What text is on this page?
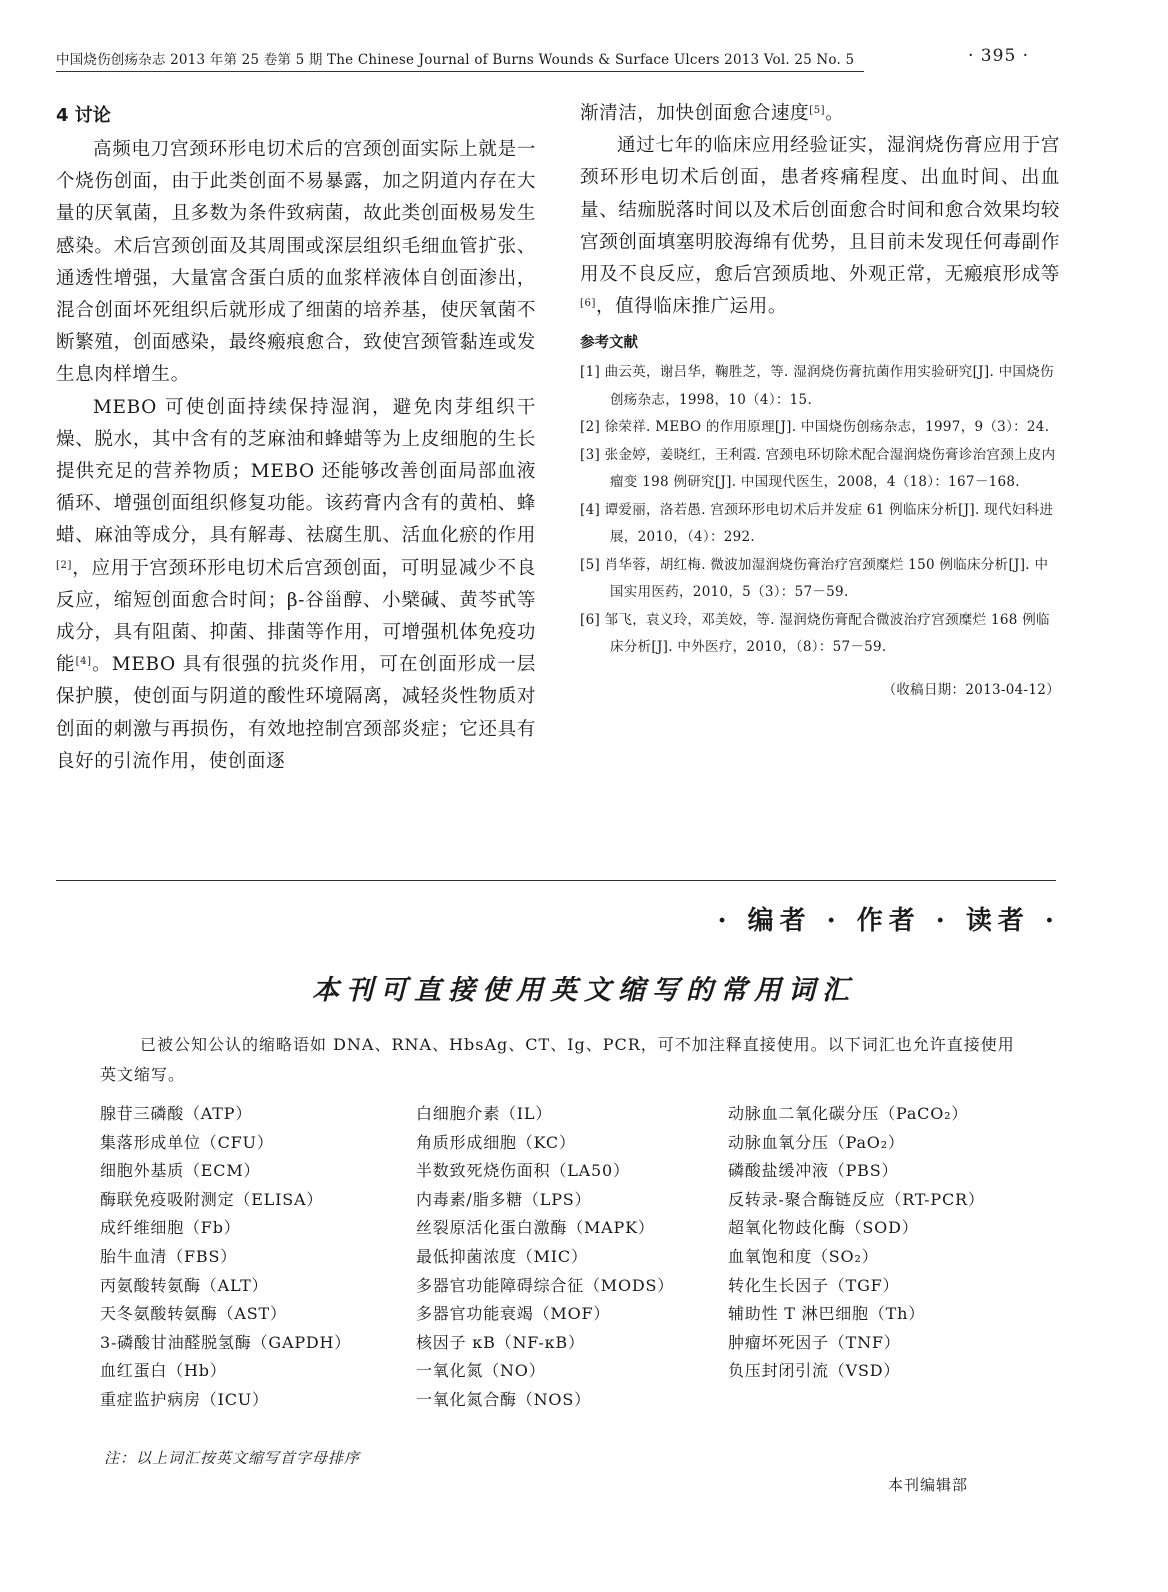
中国烧伤创疡杂志 2013 年第 25 卷第 5 期 The Chinese Journal of Burns Wounds & Surface Ulcers 2013 Vol. 25 No. 5	· 395 ·
4 讨论

高频电刀宫颈环形电切术后的宫颈创面实际上就是一个烧伤创面，由于此类创面不易暴露，加之阴道内存在大量的厌氧菌，且多数为条件致病菌，故此类创面极易发生感染。术后宫颈创面及其周围或深层组织毛细血管扩张、通透性增强，大量富含蛋白质的血浆样液体自创面渗出，混合创面坏死组织后就形成了细菌的培养基，使厌氧菌不断繁殖，创面感染，最终瘢痕愈合，致使宫颈管黏连或发生息肉样增生。

MEBO 可使创面持续保持湿润，避免肉芽组织干燥、脱水，其中含有的芝麻油和蜂蜡等为上皮细胞的生长提供充足的营养物质；MEBO 还能够改善创面局部血液循环、增强创面组织修复功能。该药膏内含有的黄柏、蜂蜡、麻油等成分，具有解毒、祛腐生肌、活血化瘀的作用[2]，应用于宫颈环形电切术后宫颈创面，可明显减少不良反应，缩短创面愈合时间；β-谷甾醇、小檗碱、黄芩甙等成分，具有阻菌、抑菌、排菌等作用，可增强机体免疫功能[4]。MEBO 具有很强的抗炎作用，可在创面形成一层保护膜，使创面与阴道的酸性环境隔离，减轻炎性物质对创面的刺激与再损伤，有效地控制宫颈部炎症；它还具有良好的引流作用，使创面逐

渐清洁，加快创面愈合速度[5]。

通过七年的临床应用经验证实，湿润烧伤膏应用于宫颈环形电切术后创面，患者疼痛程度、出血时间、出血量、结痂脱落时间以及术后创面愈合时间和愈合效果均较宫颈创面填塞明胶海绵有优势，且目前未发现任何毒副作用及不良反应，愈后宫颈质地、外观正常，无瘢痕形成等[6]，值得临床推广运用。

参考文献

[1] 曲云英，谢吕华，鞠胜芝，等. 湿润烧伤膏抗菌作用实验研究[J]. 中国烧伤创疡杂志，1998，10（4）：15.

[2] 徐荣祥. MEBO 的作用原理[J]. 中国烧伤创疡杂志，1997，9（3）：24.

[3] 张金婷，姜晓红，王利霞. 宫颈电环切除术配合湿润烧伤膏诊治宫颈上皮内瘤变 198 例研究[J]. 中国现代医生，2008，4（18）：167－168.

[4] 谭爱丽，洛若愚. 宫颈环形电切术后并发症 61 例临床分析[J]. 现代妇科进展，2010，（4）：292.

[5] 肖华蓉，胡红梅. 微波加湿润烧伤膏治疗宫颈糜烂 150 例临床分析[J]. 中国实用医药，2010，5（3）：57－59.

[6] 邹飞，袁义玲，邓美姣，等. 湿润烧伤膏配合微波治疗宫颈糜烂 168 例临床分析[J]. 中外医疗，2010，（8）：57－59.

（收稿日期：2013-04-12）
· 编者 · 作者 · 读者 ·
本刊可直接使用英文缩写的常用词汇

已被公知公认的缩略语如 DNA、RNA、HbsAg、CT、Ig、PCR，可不加注释直接使用。以下词汇也允许直接使用英文缩写。

腺苷三磷酸（ATP）
集落形成单位（CFU）
细胞外基质（ECM）
酶联免疫吸附测定（ELISA）
成纤维细胞（Fb）
胎牛血清（FBS）
丙氨酸转氨酶（ALT）
天冬氨酸转氨酶（AST）
3-磷酸甘油醛脱氢酶（GAPDH）
血红蛋白（Hb）
重症监护病房（ICU）
白细胞介素（IL）
角质形成细胞（KC）
半数致死烧伤面积（LA50）
内毒素/脂多糖（LPS）
丝裂原活化蛋白激酶（MAPK）
最低抑菌浓度（MIC）
多器官功能障碍综合征（MODS）
多器官功能衰竭（MOF）
核因子 κB（NF-κB）
一氧化氮（NO）
一氧化氮合酶（NOS）
动脉血二氧化碳分压（PaCO₂）
动脉血氧分压（PaO₂）
磷酸盐缓冲液（PBS）
反转录-聚合酶链反应（RT-PCR）
超氧化物歧化酶（SOD）
血氧饱和度（SO₂）
转化生长因子（TGF）
辅助性 T 淋巴细胞（Th）
肿瘤坏死因子（TNF）
负压封闭引流（VSD）
注：以上词汇按英文缩写首字母排序
本刊编辑部
